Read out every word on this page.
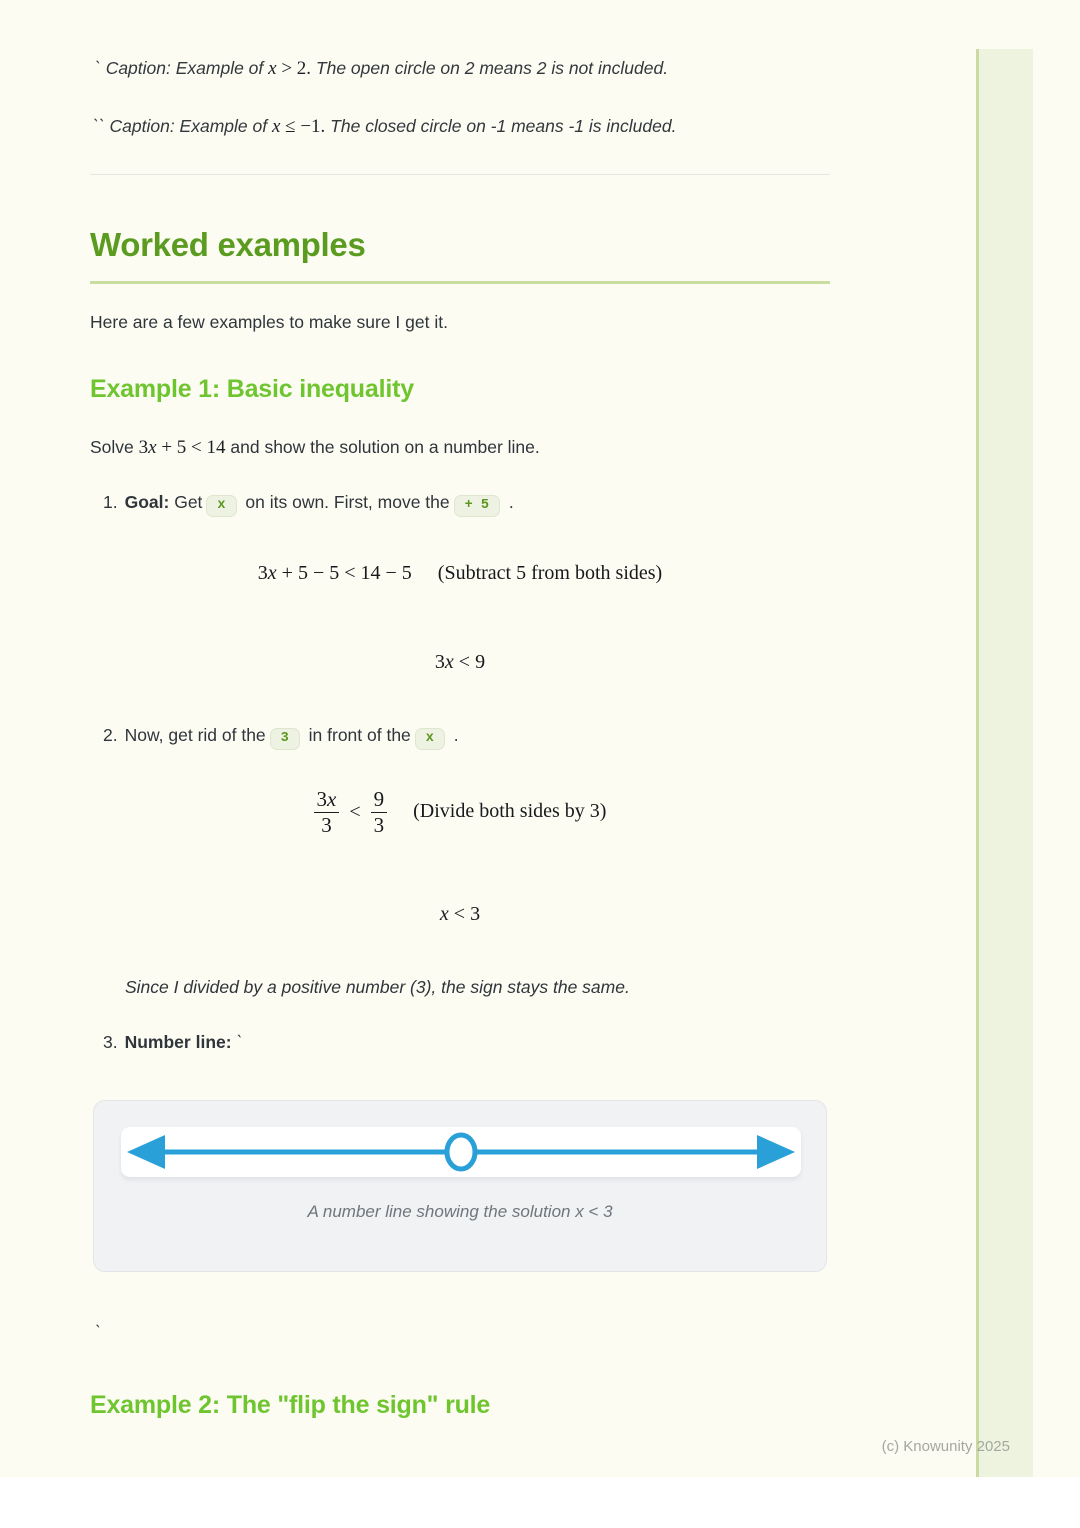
` Caption: Example of x > 2. The open circle on 2 means 2 is not included.
`` Caption: Example of x ≤ −1. The closed circle on -1 means -1 is included.
Worked examples
Here are a few examples to make sure I get it.
Example 1: Basic inequality
Solve 3x + 5 < 14 and show the solution on a number line.
1. Goal: Get x on its own. First, move the + 5 .
3x + 5 − 5 < 14 − 5 (Subtract 5 from both sides)
3x < 9
2. Now, get rid of the 3 in front of the x .
$\frac{3x}{3} < \frac{9}{3}$ (Divide both sides by 3)
x < 3
Since I divided by a positive number (3), the sign stays the same.
3. Number line: `
A number line showing the solution x < 3
`
Example 2: The "flip the sign" rule
(c) Knowunity 2025
